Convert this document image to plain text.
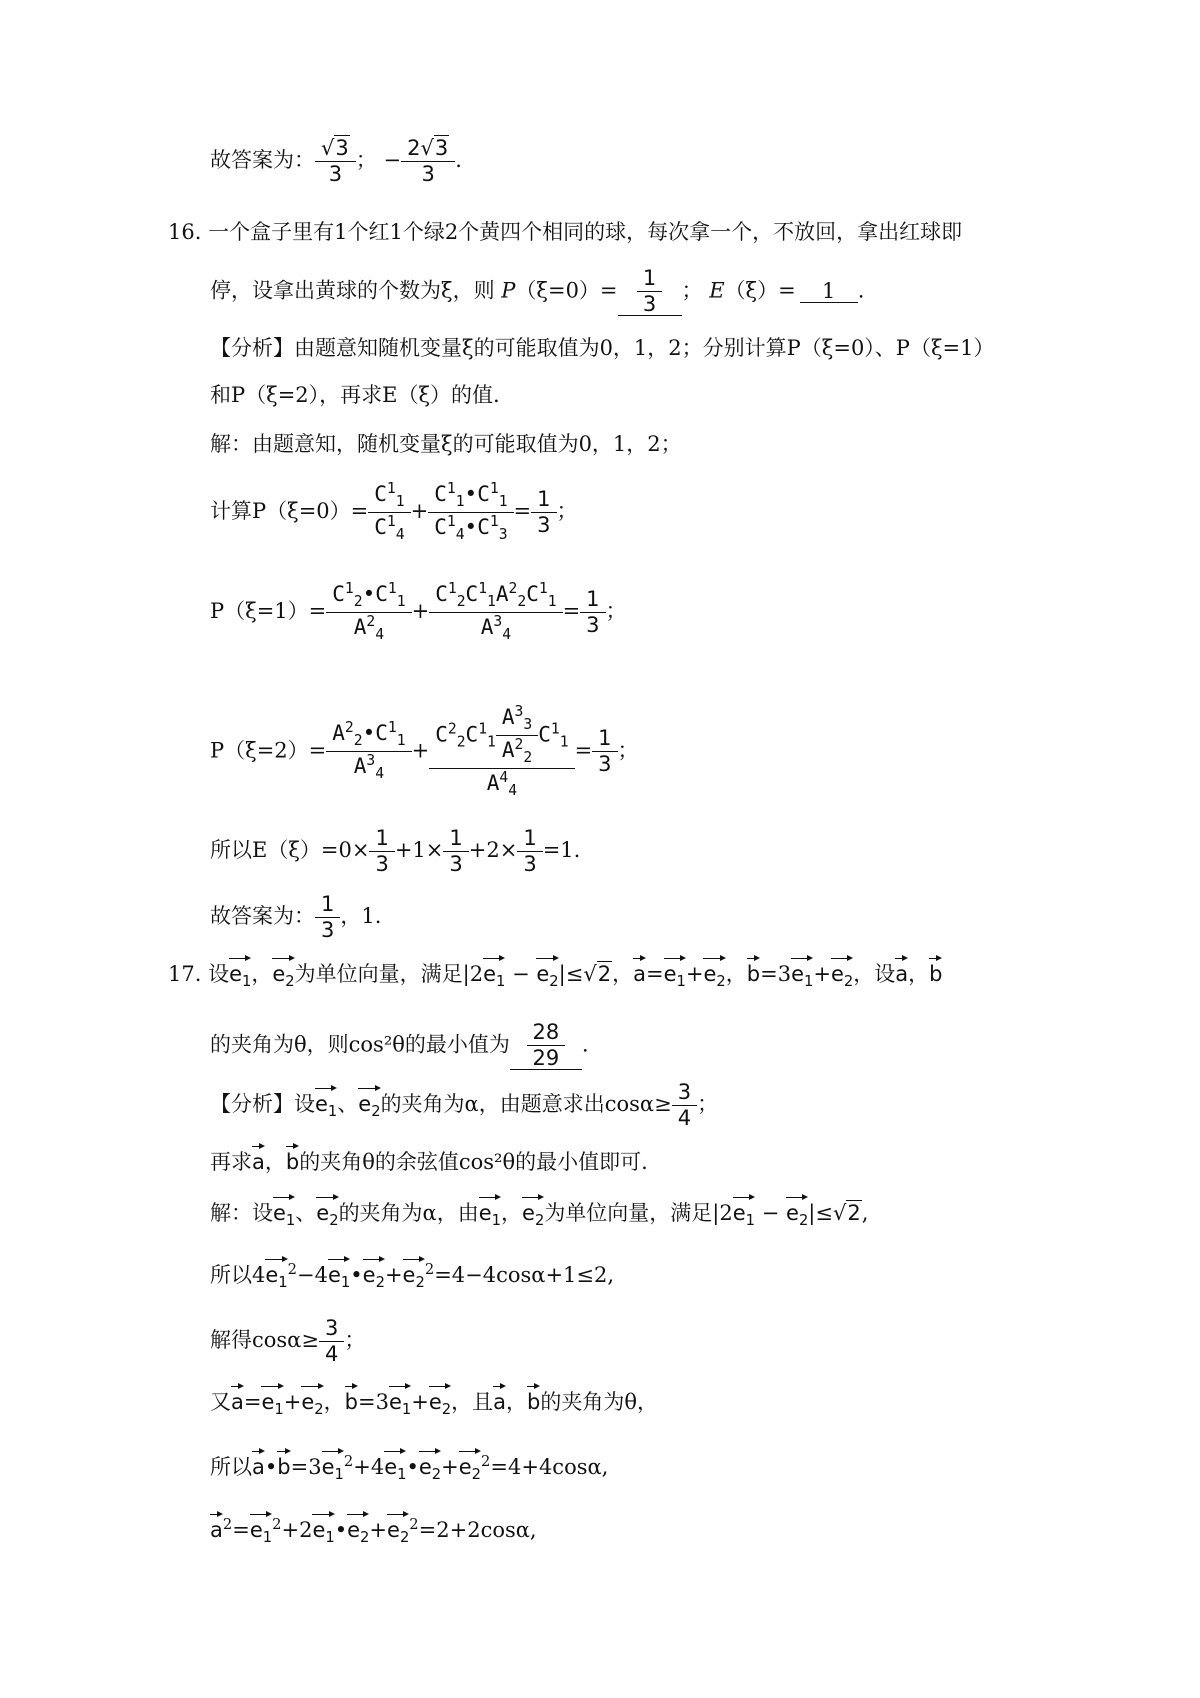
故答案为： $\frac{√3}{3}$ ； − $\frac{2√3}{3}$ .
16. 一个盒子里有1个红1个绿2个黄四个相同的球，每次拿一个，不放回，拿出红球即
停，设拿出黄球的个数为ξ，则 $P(\xi=0)= \frac{1}{3}$ ； E（ξ）= 1 .
【分析】由题意知随机变量ξ的可能取值为0，1，2；分别计算P（ξ=0）、P（ξ=1）
和P（ξ=2），再求E（ξ）的值.
解：由题意知，随机变量ξ的可能取值为0，1，2；
计算$P(\xi=0)= \frac{C^1_1}{C^1_4} + \frac{C^1_1•C^1_1}{C^1_4•C^1_3} = \frac{1}{3}$ ；
$P(\xi=1)= \frac{C^1_2•C^1_1}{A^2_4} + \frac{C^1_2C^1_1A^2_2C^1_1}{A^3_4} = \frac{1}{3}$ ；
$P(\xi=2)= \frac{A^2_2•C^1_1}{A^3_4} + \frac{C^2_2C^1_1 \frac{A^3_3}{A^2_2} C^1_1}{A^4_4} = \frac{1}{3}$ ；
所以$E(\xi)=0\times \frac{1}{3} +1\times \frac{1}{3} +2\times \frac{1}{3} =1$.
故答案为： $\frac{1}{3}$ ，1.
17. 设$e_1$，$e_2$为单位向量，满足$|2e_1 - e_2|\le√2$，$a=e_1+e_2$，$b=3e_1+e_2$，设a，b
的夹角为θ，则cos²θ的最小值为 $\frac{28}{29}$ .
【分析】设$e_1$、$e_2$的夹角为α，由题意求出$\cos\alpha\ge \frac{3}{4}$ ；
再求a，b的夹角θ的余弦值cos²θ的最小值即可.
解：设$e_1$、$e_2$的夹角为α，由$e_1$，$e_2$为单位向量，满足$|2e_1 - e_2|\le√2$,
所以$4e_1^2-4e_1•e_2+e_2^2=4-4\cos\alpha+1\le 2$,
解得$\cos\alpha\ge \frac{3}{4}$ ；
又$a=e_1+e_2$，$b=3e_1+e_2$，且a，b的夹角为θ，
所以$a•b=3e_1^2+4e_1•e_2+e_2^2=4+4\cos\alpha$,
$a^2=e_1^2+2e_1•e_2+e_2^2=2+2\cos\alpha$,
